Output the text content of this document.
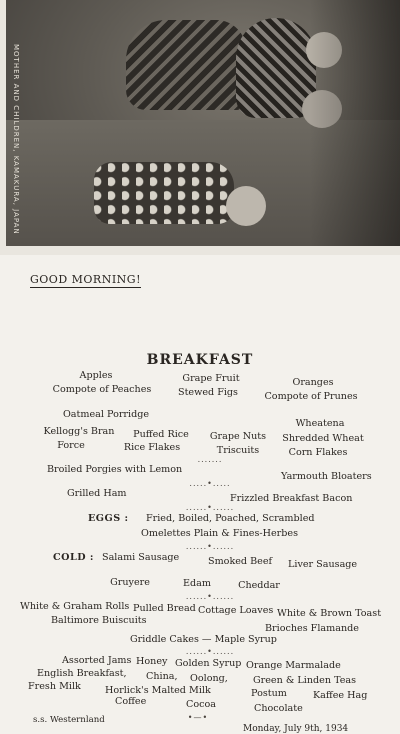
MOTHER AND CHILDREN, KAMAKURA, JAPAN
GOOD MORNING!
BREAKFAST
Apples
Compote of Peaches
Grape Fruit
Stewed Figs
Oranges
Compote of Prunes
Oatmeal Porridge
Kellogg's Bran
Force
Puffed Rice
Rice Flakes
Grape Nuts
Triscuits
Wheatena
Shredded Wheat
Corn Flakes
.......
Broiled Porgies with Lemon
Yarmouth Bloaters
.....•.....
Grilled Ham	Frizzled Breakfast Bacon
......•......
EGGS : Fried, Boiled, Poached, Scrambled
Omelettes Plain & Fines-Herbes
......•......
COLD : Salami Sausage	Smoked Beef Liver Sausage
Gruyere	Edam	Cheddar
......•......
White & Graham Rolls Pulled Bread Cottage Loaves White & Brown Toast
Baltimore Buiscuits
Brioches Flamande
Griddle Cakes — Maple Syrup
......•......
Assorted Jams Honey Golden Syrup Orange Marmalade
English Breakfast, China, Oolong,	Green & Linden Teas
Fresh Milk	Horlick's Malted Milk	Postum	Kaffee Hag
Coffee	Cocoa	Chocolate
•—•
s.s. Westernland
Monday, July 9th, 1934
